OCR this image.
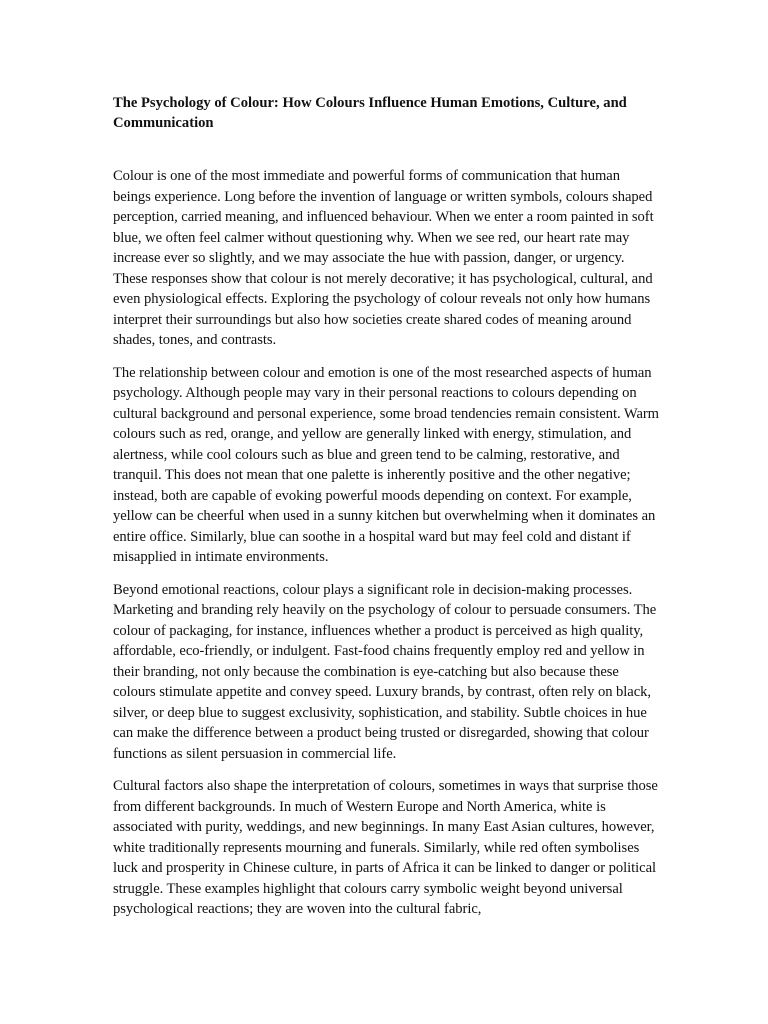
The Psychology of Colour: How Colours Influence Human Emotions, Culture, and Communication

Colour is one of the most immediate and powerful forms of communication that human beings experience. Long before the invention of language or written symbols, colours shaped perception, carried meaning, and influenced behaviour. When we enter a room painted in soft blue, we often feel calmer without questioning why. When we see red, our heart rate may increase ever so slightly, and we may associate the hue with passion, danger, or urgency. These responses show that colour is not merely decorative; it has psychological, cultural, and even physiological effects. Exploring the psychology of colour reveals not only how humans interpret their surroundings but also how societies create shared codes of meaning around shades, tones, and contrasts.

The relationship between colour and emotion is one of the most researched aspects of human psychology. Although people may vary in their personal reactions to colours depending on cultural background and personal experience, some broad tendencies remain consistent. Warm colours such as red, orange, and yellow are generally linked with energy, stimulation, and alertness, while cool colours such as blue and green tend to be calming, restorative, and tranquil. This does not mean that one palette is inherently positive and the other negative; instead, both are capable of evoking powerful moods depending on context. For example, yellow can be cheerful when used in a sunny kitchen but overwhelming when it dominates an entire office. Similarly, blue can soothe in a hospital ward but may feel cold and distant if misapplied in intimate environments.

Beyond emotional reactions, colour plays a significant role in decision-making processes. Marketing and branding rely heavily on the psychology of colour to persuade consumers. The colour of packaging, for instance, influences whether a product is perceived as high quality, affordable, eco-friendly, or indulgent. Fast-food chains frequently employ red and yellow in their branding, not only because the combination is eye-catching but also because these colours stimulate appetite and convey speed. Luxury brands, by contrast, often rely on black, silver, or deep blue to suggest exclusivity, sophistication, and stability. Subtle choices in hue can make the difference between a product being trusted or disregarded, showing that colour functions as silent persuasion in commercial life.

Cultural factors also shape the interpretation of colours, sometimes in ways that surprise those from different backgrounds. In much of Western Europe and North America, white is associated with purity, weddings, and new beginnings. In many East Asian cultures, however, white traditionally represents mourning and funerals. Similarly, while red often symbolises luck and prosperity in Chinese culture, in parts of Africa it can be linked to danger or political struggle. These examples highlight that colours carry symbolic weight beyond universal psychological reactions; they are woven into the cultural fabric,
